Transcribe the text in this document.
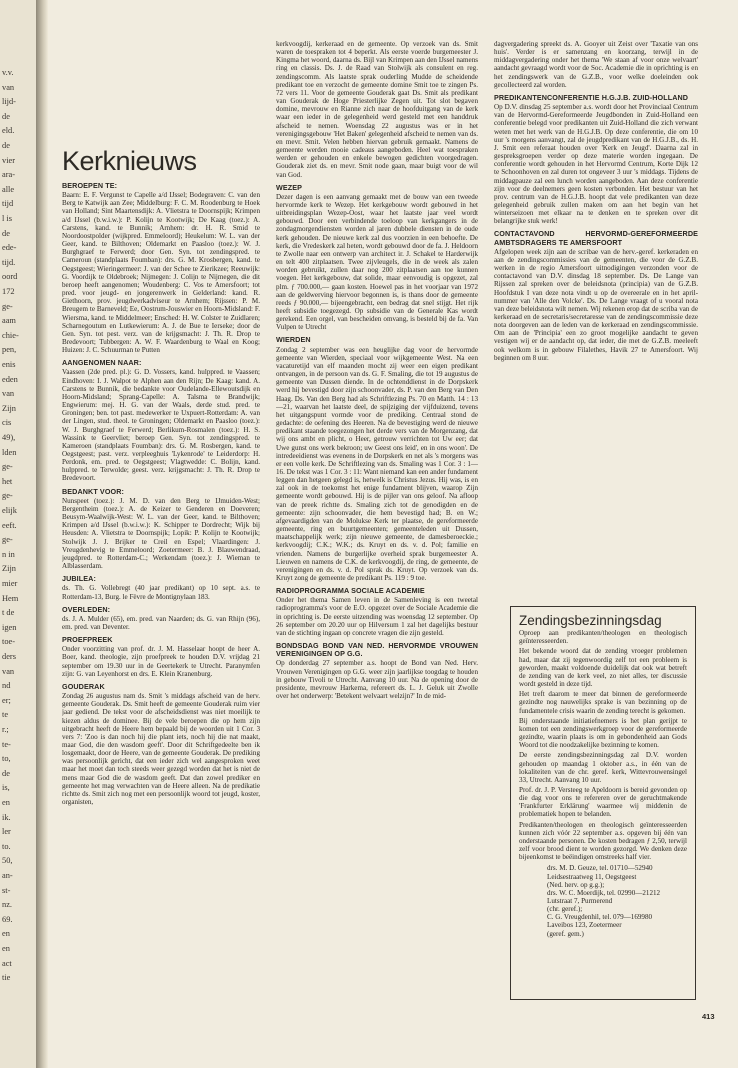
v.v.
van
lijd-
de
eld.
de
vier
ara-
alle
tijd
l is
de
ede-
tijd.
oord
172
ge-
aam
chie-
pen,
enis
eden
van
Zijn
cis
49),
lden
ge-
het
ge-
elijk
eeft.
ge-
n in
Zijn
mier
Hem
t de
igen
toe-
ders
van
nd
er;
te
r.;
te-
to,
de
is,
en
ik.
ler
to.
50,
an-
st-
nz.
69.
en
en
act
tie
Kerknieuws
BEROEPEN TE:

Baarn: E. F. Vergunst te Capelle a/d IJssel; Bodegraven: C. van den Berg te Katwijk aan Zee; Middelburg: F. C. M. Roodenburg te Hoek van Holland; Sint Maartensdijk: A. Vlietstra te Doornspijk; Krimpen a/d IJssel (b.w.i.w.): P. Kolijn te Kootwijk; De Kaag (toez.): A. Carstens, kand. te Bunnik; Arnhem: dr. H. R. Smid te Noordoostpolder (wijkpred. Emmeloord); Heukelum: W. L. van der Geer, kand. te Bilthoven; Oldemarkt en Paasloo (toez.): W. J. Burghgraef te Ferwerd; door Gen. Syn. tot zendingspred. te Cameroun (standplaats Foumban): drs. G. M. Krosbergen, kand. te Oegstgeest; Wieringermeer: J. van der Schee te Zierikzee; Reeuwijk: G. Voordijk te Oldebroek; Nijmegen: J. Colijn te Nijmegen, die dit beroep heeft aangenomen; Woudenberg: C. Vos te Amersfoort; tot pred. voor jeugd- en jongerenwerk in Gelderland: kand. R. Giethoorn, prov. jeugdwerkadviseur te Arnhem; Rijssen: P. M. Breugem te Barneveld; Ee, Oostrum-Jouswier en Hoorn-Midsland: F. Wiersma, kand. te Middelmeer; Ensched: H. W. Colster te Zuidlaren; Scharnegoutum en Lutkewierum: A. J. de Bue te Ierseke; door de Gen. Syn. tot pest. verz. van de krijgsmacht: J. Th. R. Drop te Bredevoort; Tubbergen: A. W. F. Waardenburg te Waal en Koog; Huizen: J. C. Schuurman te Putten

AANGENOMEN NAAR:

Vaassen (2de pred. pl.): G. D. Vossers, kand. hulppred. te Vaassen; Eindhoven: I. J. Walpot te Alphen aan den Rijn; De Kaag: kand. A. Carstens te Bunnik, die bedankte voor Oudelande-Ellewoutsdijk en Hoorn-Midsland; Sprang-Capelle: A. Talsma te Brandwijk; Engwierum: mej. H. G. van der Waals, derde stud. pred. te Groningen; ben. tot past. medewerker te Uxpuert-Rotterdam: A. van der Lingen, stud. theol. te Groningen; Oldemarkt en Paasloo (toez.): W. J. Burghgraef te Ferwerd; Berlikum-Rosmalen (toez.): H. S. Wassink te Geervliet; beroep Gen. Syn. tot zendingspred. te Kameroen (standplaats Foumban): drs. G. M. Rosbergen, kand. te Oegstgeest; past. verz. verpleeghuis 'Lykenrode' te Leiderdorp: H. Perdonk, em. pred. te Oegstgeest; Vlagtwedde: C. Bolijn, kand. hulppred. te Terwolde; geest. verz. krijgsmacht: J. Th. R. Drop te Bredevoort.

BEDANKT VOOR:

Nunspeet (toez.): J. M. D. van den Berg te IJmuiden-West; Bergentheim (toez.): A. de Keizer te Genderen en Doeveren; Beusym-Waalwijk-West: W. L. van der Geer, kand. te Bilthoven; Krimpen a/d IJssel (b.w.i.w.): K. Schipper te Dordrecht; Wijk bij Heusden: A. Vlietstra te Doornspijk; Lopik: P. Kolijn te Kootwijk; Stolwijk J. J. Brijker te Creil en Espel; Vlaardingen: J. Vreugdenhevig te Emmeloord; Zoetermeer: B. J. Blauwendraad, jeugdpred. te Rotterdam-C.; Werkendam (toez.): J. Wieman te Alblasserdam.

JUBILEA:

ds. Th. G. Vollebregt (40 jaar predikant) op 10 sept. a.s. te Rotterdam-13, Burg. le Fèvre de Montignylaan 183.

OVERLEDEN:

ds. J. A. Mulder (65), em. pred. van Naarden; ds. G. van Rhijn (96), em. pred. van Deventer.

PROEFPREEK

Onder voorzitting van prof. dr. J. M. Hasselaar hoopt de heer A. Boer, kand. theologie, zijn proefpreek te houden D.V. vrijdag 21 september om 19.30 uur in de Geertekerk te Utrecht. Paranymfen zijn: G. van Leyenhorst en drs. E. Klein Kranenburg.

GOUDERAK

Zondag 26 augustus nam ds. Smit 's middags afscheid van de herv. gemeente Gouderak. Ds. Smit heeft de gemeente Gouderak ruim vier jaar gediend. De tekst voor de afscheidsdienst was niet moeilijk te kiezen aldus de dominee. Bij de vele beroepen die op hem zijn uitgebracht heeft de Heere hem bepaald bij de woorden uit 1 Cor. 3 vers 7: 'Zoo is dan noch hij die plant iets, noch hij die nat maakt, maar God, die den wasdom geeft'. Door dit Schriftgedeelte ben ik losgemaakt, door de Heere, van de gemeente Gouderak. De prediking was persoonlijk gericht, dat een ieder zich wel aangesproken weet maar het moet dan toch steeds weer gezegd worden dat het is niet de mens maar God die de wasdom geeft. Dat dan zowel prediker en gemeente het mag verwachten van de Heere alleen. Na de predikatie richtte ds. Smit zich nog met een persoonlijk woord tot jeugd, koster, organisten,

kerkvoogdij, kerkeraad en de gemeente. Op verzoek van ds. Smit waren de toespraken tot 4 beperkt. Als eerste voerde burgemeester J. Kingma het woord, daarna ds. Bijl van Krimpen aan den IJssel namens ring en classis. Ds. J. de Raad van Stolwijk als consulent en reg. zendingscomm. Als laatste sprak ouderling Mudde de scheidende predikant toe en verzocht de gemeente domine Smit toe te zingen Ps. 72 vers 11. Voor de gemeente Gouderak gaat Ds. Smit als predikant van Gouderak de Hoge Priesterlijke Zegen uit. Tot slot begaven domine, mevrouw en Rianne zich naar de hoofduitgang van de kerk waar een ieder in de gelegenheid werd gesteld met een handdruk afscheid te nemen. Woensdag 22 augustus was er in het verenigingsgebouw 'Het Baken' gelegenheid afscheid te nemen van ds. en mevr. Smit. Velen hebben hiervan gebruik gemaakt. Namens de gemeente werden mooie cadeaus aangeboden. Heel wat toespraken werden er gehouden en enkele bewogen gedichten voorgedragen. Gouderak ziet ds. en mevr. Smit node gaan, maar buigt voor de wil van God.

WEZEP

Dezer dagen is een aanvang gemaakt met de bouw van een tweede hervormde kerk te Wezep. Het kerkgebouw wordt gebouwd in het uitbreidingsplan Wezep-Oost, waar het laatste jaar veel wordt gebouwd. Door een verbindende toeloop van kerkgangers in de zondagmorgendiensten worden al jaren dubbele diensten in de oude kerk gehouden. De nieuwe kerk zal dus voorzien in een behoefte. De kerk, die Vredeskerk zal heten, wordt gebouwd door de fa. J. Heldoorn te Zwolle naar een ontwerp van architect ir. J. Schakel te Harderwijk en telt 400 zitplaatsen. Twee zijvleugels, die in de week als zalen worden gebruikt, zullen daar nog 200 zitplaatsen aan toe kunnen voegen. Het kerkgebouw, dat solide, maar eenvoudig is opgezet, zal plm. ƒ 700.000,— gaan kosten. Hoewel pas in het voorjaar van 1972 aan de geldwerving hiervoor begonnen is, is thans door de gemeente reeds ƒ 90.000,— bijeengebracht, een bedrag dat snel stijgt. Het rijk heeft subsidie toegezegd. Op subsidie van de Generale Kas wordt gerekend. Een orgel, van bescheiden omvang, is besteld bij de fa. Van Vulpen te Utrecht

WIERDEN

Zondag 2 september was een heuglijke dag voor de hervormde gemeente van Wierden, speciaal voor wijkgemeente West. Na een vacaturetijd van elf maanden mocht zij weer een eigen predikant ontvangen, in de persoon van ds. G. F. Smaling, die tot 19 augustus de gemeente van Dussen diende. In de ochtenddienst in de Dorpskerk werd hij bevestigd door zijn schoonvader, ds. P. van den Berg van Den Haag. Ds. Van den Berg had als Schriftlezing Ps. 70 en Matth. 14 : 13—21, waarvan het laatste deel, de spijziging der vijfduizend, tevens het uitgangspunt vormde voor de prediking. Centraal stond de gedachte: de oefening des Heeren. Na de bevestiging werd de nieuwe predikant staande toegezongen het derde vers van de Morgenzang, dat wij ons ambt en plicht, o Heer, getrouw verrichten tot Uw eer; dat Uwe gunst ons werk bekroon; uw Geest ons leid', en in ons woon'. De intredeeidienst was evenens in de Dorpskerk en net als 's morgens was er een volle kerk. De Schriftlezing van ds. Smaling was 1 Cor. 3 : 1—16. De tekst was 1 Cor. 3 : 11: Want niemand kan een ander fundament leggen dan hetgeen gelegd is, hetwelk is Christus Jezus. Hij was, is en zal ook in de toekomst het enige fundament blijven, waarop Zijn gemeente wordt gebouwd. Hij is de pijler van ons geloof. Na afloop van de preek richtte ds. Smaling zich tot de genodigden en de gemeente: zijn schoonvader, die hem bevestigd had; B. en W.; afgevaardigden van de Molukse Kerk ter plaatse, de gereformeerde gemeente, ring en buurtgemeenten; gemeenteleden uit Dussen, maatschappelijk werk; zijn nieuwe gemeente, de damesberoeckie.; kerkvoogdij; C.K.; W.K.; ds. Kruyt en ds. v. d. Pol; familie en vrienden. Namens de burgerlijke overheid sprak burgemeester A. Lieuwen en namens de C.K. de kerkvoogdij, de ring, de gemeente, de verenigingen en ds. v. d. Pol sprak ds. Kruyt. Op verzoek van ds. Kruyt zong de gemeente de predikant Ps. 119 : 9 toe.

RADIOPROGRAMMA SOCIALE ACADEMIE

Onder het thema Samen leven in de Samenleving is een tweetal radioprogramma's voor de E.O. opgezet over de Sociale Academie die in oprichting is. De eerste uitzending was woensdag 12 september. Op 26 september om 20.20 uur op Hilversum 1 zal het dagelijks bestuur van de stichting ingaan op concrete vragen die zijn gesteld.

BONDSDAG BOND VAN NED. HERVORMDE VROUWEN VERENIGINGEN OP G.G.

Op donderdag 27 september a.s. hoopt de Bond van Ned. Herv. Vrouwen Verenigingen op G.G. weer zijn jaarlijkse toogdag te houden in gebouw Tivoli te Utrecht. Aanvang 10 uur. Na de opening door de presidente, mevrouw Harkema, refereert ds. L. J. Geluk uit Zwolle over het onderwerp: 'Betekent welvaart welzijn?' In de mid-

dagvergadering spreekt ds. A. Gooyer uit Zeist over 'Taxatie van ons huis'. Verder is er samenzang en koorzang, terwijl in de middagvergadering onder het thema 'We staan af voor onze welvaart' aandacht gevraagd wordt voor de Soc. Academie die in oprichting is en het zendingswerk van de G.Z.B., voor welke doeleinden ook gecollecteerd zal worden.

PREDIKANTENCONFERENTIE H.G.J.B. ZUID-HOLLAND

Op D.V. dinsdag 25 september a.s. wordt door het Provinciaal Centrum van de Hervormd-Gereformeerde Jeugdbonden in Zuid-Holland een conferentie belegd voor predikanten uit Zuid-Holland die zich verwant weten met het werk van de H.G.J.B. Op deze conferentie, die om 10 uur 's morgens aanvangt, zal de jeugdpredikant van de H.G.J.B., ds. H. J. Smit een referaat houden over 'Kerk en Jeugd'. Daarna zal in gespreksgroepen verder op deze materie worden ingegaan. De conferentie wordt gehouden in het Hervormd Centrum, Korte Dijk 12 te Schoonhoven en zal duren tot ongeveer 3 uur 's middags. Tijdens de middagpauze zal een lunch worden aangeboden. Aan deze conferentie zijn voor de deelnemers geen kosten verbonden. Het bestuur van het prov. centrum van de H.G.J.B. hoopt dat vele predikanten van deze gelegenheid gebruik zullen maken om aan het begin van het winterseizoen met elkaar na te denken en te spreken over dit belangrijke stuk werk!

CONTACTAVOND HERVORMD-GEREFORMEERDE AMBTSDRAGERS TE AMERSFOORT

Afgelopen week zijn aan de scribae van de herv.-geref. kerkeraden en aan de zendingscommissies van de gemeenten, die voor de G.Z.B. werken in de regio Amersfoort uitnodigingen verzonden voor de contactavond van D.V. dinsdag 18 september. Ds. De Lange van Rijssen zal spreken over de beleidsnota (principia) van de G.Z.B. Hoofdstuk I van deze nota vindt u op de overeerale en in het april-nummer van 'Alle den Volcke'. Ds. De Lange vraagt of u vooral nota van deze beleidsnota wilt nemen. Wij rekenen erop dat de scriba van de kerkeraad en de secretaris/secretaresse van de zendingscommissie deze nota doorgeven aan de leden van de kerkeraad en zendingscommissie. Om aan de 'Principia' een zo groot mogelijke aandacht te geven vestigen wij er de aandacht op, dat ieder, die met de G.Z.B. meeleeft ook welkom is in gebouw Filalethes, Havik 27 te Amersfoort. Wij beginnen om 8 uur.

Zendingsbezinningsdag

Oproep aan predikanten/theologen en theologisch geïnteresseerden.

Het bekende woord dat de zending vroeger problemen had, maar dat zij tegenwoordig zelf tot een probleem is geworden, maakt voldoende duidelijk dat ook wat betreft de zending van de kerk veel, zo niet alles, ter discussie wordt gesteld in deze tijd.

Het treft daarom te meer dat binnen de gereformeerde gezindte nog nauwelijks sprake is van bezinning op de fundamentele crisis waarin de zending terecht is gekomen.

Bij onderstaande initiatiefnemers is het plan gerijpt te komen tot een zendingswerkgroep voor de gereformeerde gezindte, waarin plaats is om in gebondenheid aan Gods Woord tot die noodzakelijke bezinning te komen.

De eerste zendingsbezinningsdag zal D.V. worden gehouden op maandag 1 oktober a.s., in één van de lokaliteiten van de chr. geref. kerk, Wittevrouwensingel 33, Utrecht. Aanvang 10 uur.

Prof. dr. J. P. Versteeg te Apeldoorn is bereid gevonden op die dag voor ons te refereren over de geruchtmakende 'Frankfurter Erklärung' waarmee wij middenin de problematiek hopen te belanden.

Predikanten/theologen en theologisch geïnteresseerden kunnen zich vóór 22 september a.s. opgeven bij één van onderstaande personen. De kosten bedragen ƒ 2,50, terwijl zelf voor brood dient te worden gezorgd. We denken deze bijeenkomst te beëindigen omstreeks half vier.

drs. M. D. Geuze, tel. 01710—52940
Leidsestraatweg 11, Oegstgeest
(Ned. herv. op g.g.);
drs. W. C. Moerdijk, tel. 02990—21212
Lutstraat 7, Purmerend
(chr. geref.);
C. G. Vreugdenhil, tel. 079—169980
Laveibos 123, Zoetermeer
(geref. gem.)
413
